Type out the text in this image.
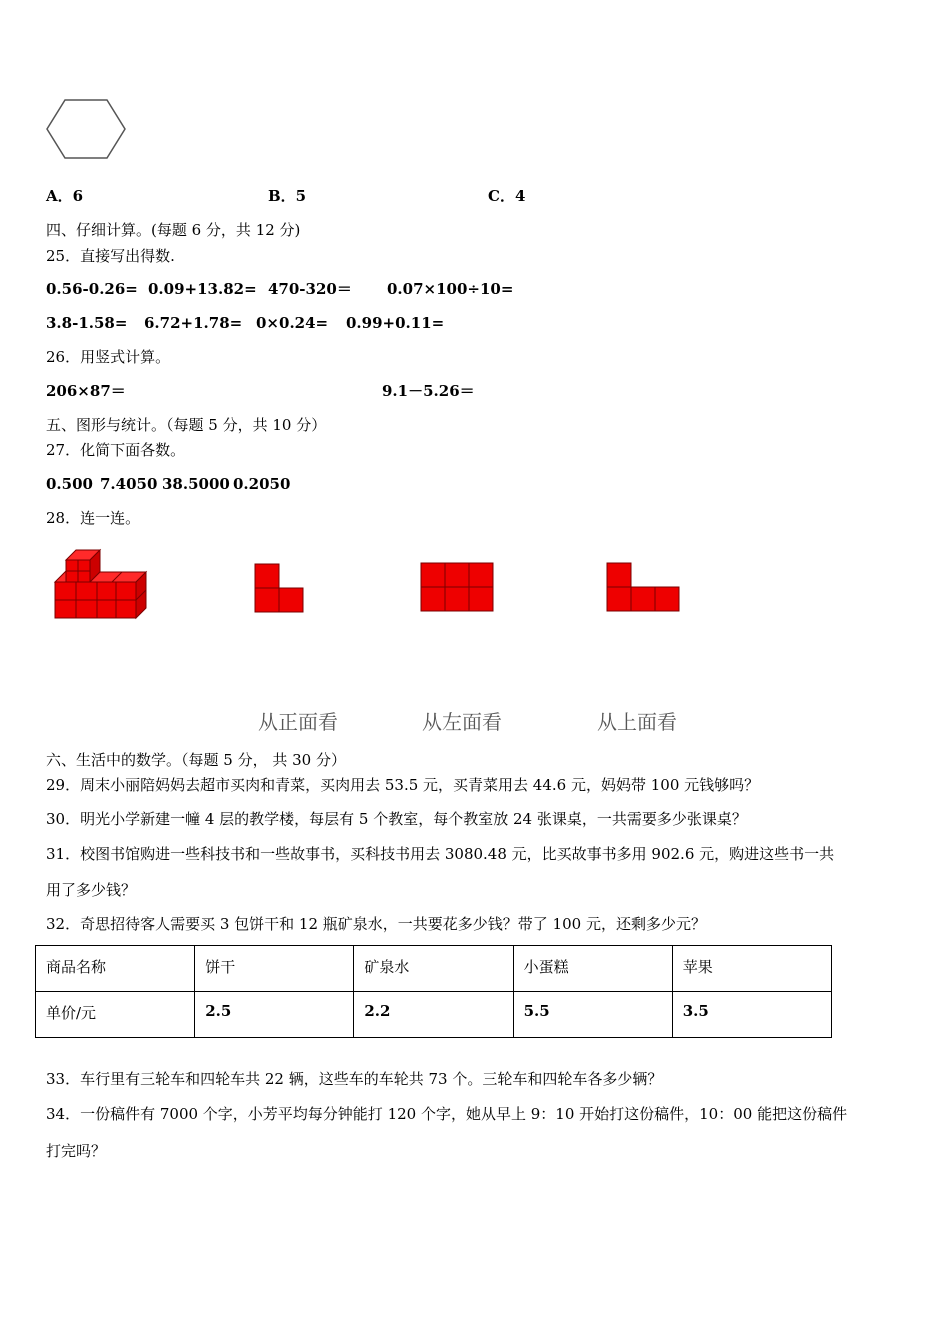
A．6	B．5	C．4
四、仔细计算。(每题 6 分，共 12 分)
25．直接写出得数.
0.56-0.26= 0.09+13.82= 470-320＝ 0.07×100÷10=
3.8-1.58= 6.72+1.78= 0×0.24= 0.99+0.11=
26．用竖式计算。
206×87＝	9.1－5.26＝
五、图形与统计。（每题 5 分，共 10 分）
27．化简下面各数。
0.500 7.4050 38.5000 0.2050
28．连一连。
从正面看	从左面看	从上面看
六、生活中的数学。（每题 5 分， 共 30 分）
29．周末小丽陪妈妈去超市买肉和青菜，买肉用去 53.5 元，买青菜用去 44.6 元，妈妈带 100 元钱够吗？
30．明光小学新建一幢 4 层的教学楼，每层有 5 个教室，每个教室放 24 张课桌，一共需要多少张课桌？
31．校图书馆购进一些科技书和一些故事书，买科技书用去 3080.48 元，比买故事书多用 902.6 元，购进这些书一共
用了多少钱？
32．奇思招待客人需要买 3 包饼干和 12 瓶矿泉水，一共要花多少钱？带了 100 元，还剩多少元？
商品名称	饼干	矿泉水	小蛋糕	苹果
单价/元	2.5	2.2	5.5	3.5
33．车行里有三轮车和四轮车共 22 辆，这些车的车轮共 73 个。三轮车和四轮车各多少辆？
34．一份稿件有 7000 个字，小芳平均每分钟能打 120 个字，她从早上 9：10 开始打这份稿件，10：00 能把这份稿件
打完吗？
